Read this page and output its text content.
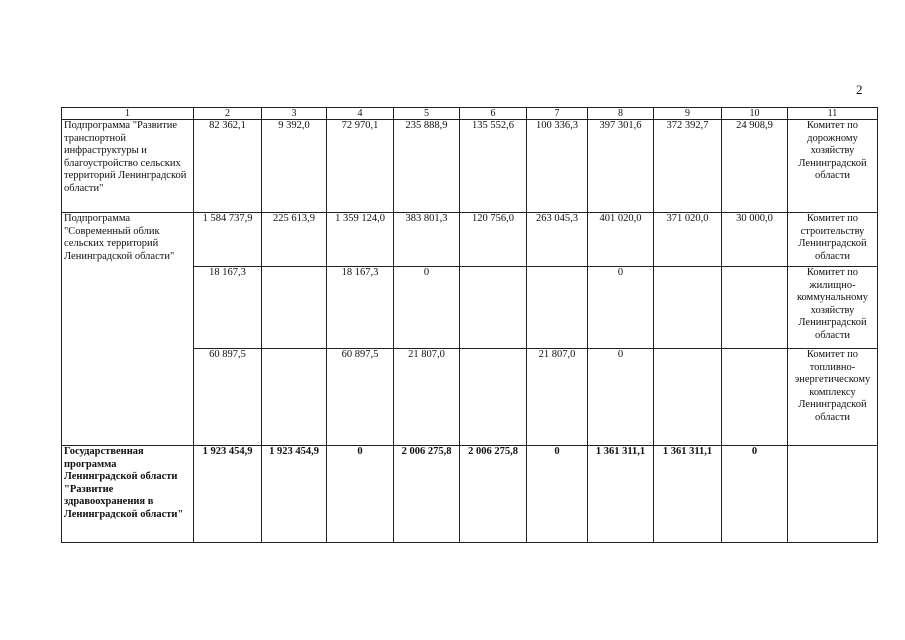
2
1	2	3	4	5	6	7	8	9	10	11
Подпрограмма "Развитие транспортной инфраструктуры и благоустройство сельских территорий Ленинградской области"	82 362,1	9 392,0	72 970,1	235 888,9	135 552,6	100 336,3	397 301,6	372 392,7	24 908,9	Комитет по дорожному хозяйству Ленинградской области
Подпрограмма "Современный облик сельских территорий Ленинградской области"	1 584 737,9	225 613,9	1 359 124,0	383 801,3	120 756,0	263 045,3	401 020,0	371 020,0	30 000,0	Комитет по строительству Ленинградской области
	18 167,3		18 167,3	0			0			Комитет по жилищно-коммунальному хозяйству Ленинградской области
	60 897,5		60 897,5	21 807,0		21 807,0	0			Комитет по топливно-энергетическому комплексу Ленинградской области
Государственная программа Ленинградской области "Развитие здравоохранения в Ленинградской области"	1 923 454,9	1 923 454,9	0	2 006 275,8	2 006 275,8	0	1 361 311,1	1 361 311,1	0	
